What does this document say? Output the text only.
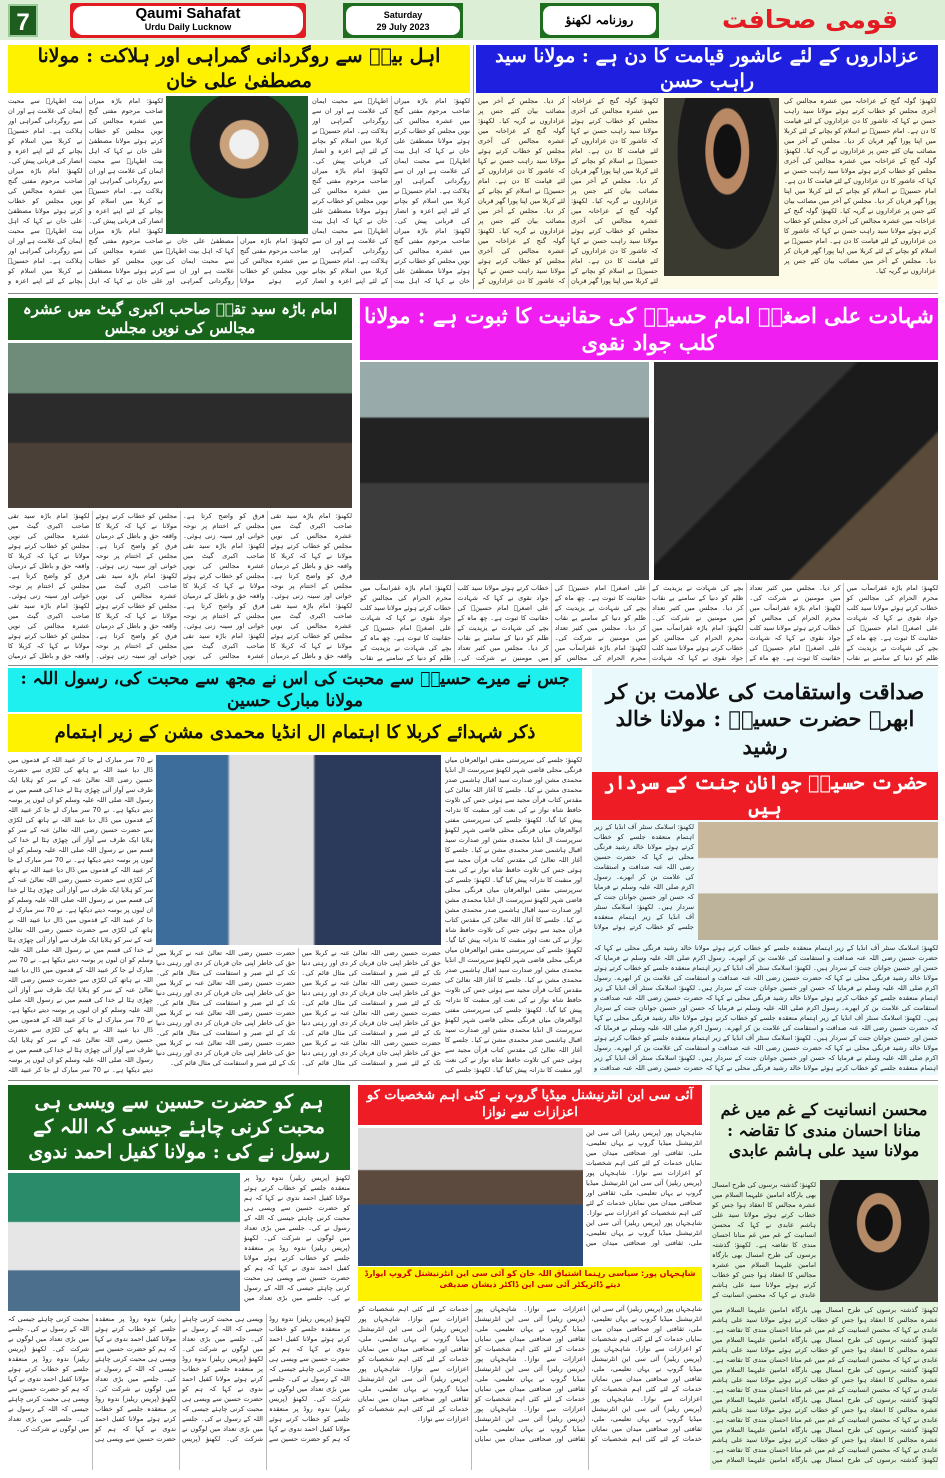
7	Qaumi Sahafat
Urdu Daily Lucknow
Saturday
29 July 2023	روزنامہ لکھنؤ	قومی صحافت
اہل بیتؑ سے روگردانی گمراہی اور ہلاکت : مولانا مصطفیٰ علی خان
لکھنؤ: امام باڑہ میراں صاحب مرحوم مفتی گنج میں عشرہ مجالس کی نویں مجلس کو خطاب کرتے ہوئے مولانا مصطفیٰ علی خان نے کہا کہ اہل بیت اطہارؑ سے محبت ایمان کی علامت ہے اور ان سے روگردانی گمراہی اور ہلاکت ہے۔ امام حسینؑ نے کربلا میں اسلام کو بچانے کے لئے اپنے اعزہ و انصار کی قربانی پیش کی۔ لکھنؤ: امام باڑہ میراں صاحب مرحوم مفتی گنج میں عشرہ مجالس کی نویں مجلس کو خطاب کرتے ہوئے مولانا مصطفیٰ علی خان نے کہا کہ اہل بیت اطہارؑ سے محبت ایمان کی علامت ہے اور ان سے روگردانی گمراہی اور ہلاکت ہے۔ امام حسینؑ نے کربلا میں اسلام کو بچانے کے لئے اپنے اعزہ و انصار کی قربانی پیش کی۔ لکھنؤ: امام باڑہ میراں صاحب مرحوم مفتی گنج میں عشرہ مجالس کی نویں مجلس کو خطاب کرتے ہوئے مولانا مصطفیٰ علی خان نے کہا کہ اہل بیت اطہارؑ سے محبت ایمان کی علامت ہے اور ان سے روگردانی گمراہی اور ہلاکت ہے۔ امام حسینؑ نے کربلا میں اسلام کو بچانے کے لئے اپنے اعزہ و
لکھنؤ: امام باڑہ میراں صاحب مرحوم مفتی گنج میں عشرہ مجالس کی نویں مجلس کو خطاب کرتے ہوئے مولانا مصطفیٰ علی خان نے کہا کہ اہل بیت اطہارؑ سے محبت ایمان کی علامت ہے اور ان سے روگردانی گمراہی اور
لکھنؤ: امام باڑہ میراں صاحب مرحوم مفتی گنج میں عشرہ مجالس کی نویں مجلس کو خطاب کرتے ہوئے مولانا مصطفیٰ علی خان نے کہا کہ اہل بیت اطہارؑ سے محبت ایمان کی علامت ہے اور ان سے روگردانی گمراہی اور ہلاکت ہے۔ امام حسینؑ نے کربلا میں اسلام کو بچانے کے لئے اپنے اعزہ و انصار کی قربانی پیش کی۔ لکھنؤ: امام باڑہ میراں صاحب مرحوم مفتی گنج میں عشرہ مجالس کی نویں مجلس کو خطاب کرتے ہوئے مولانا مصطفیٰ علی خان نے کہا کہ اہل بیت اطہارؑ سے محبت ایمان کی علامت ہے اور ان سے روگردانی گمراہی اور ہلاکت ہے۔ امام حسینؑ نے کربلا میں اسلام کو بچانے کے لئے اپنے اعزہ و انصار کی قربانی پیش کی۔ لکھنؤ: امام باڑہ میراں صاحب مرحوم مفتی گنج میں عشرہ مجالس کی نویں مجلس کو خطاب کرتے ہوئے مولانا مصطفیٰ علی خان نے کہا کہ اہل بیت اطہارؑ سے محبت ایمان کی علامت ہے اور ان سے روگردانی گمراہی اور ہلاکت ہے۔ امام حسینؑ نے کربلا میں اسلام کو بچانے کے لئے اپنے اعزہ و انصار
عزاداروں کے لئے عاشور قیامت کا دن ہے : مولانا سید راہب حسن
لکھنؤ: گولہ گنج کے عزاخانہ میں عشرہ مجالس کی آخری مجلس کو خطاب کرتے ہوئے مولانا سید راہب حسن نے کہا کہ عاشور کا دن عزاداروں کے لئے قیامت کا دن ہے۔ امام حسینؑ نے اسلام کو بچانے کے لئے کربلا میں اپنا پورا گھر قربان کر دیا۔ مجلس کے آخر میں مصائب بیان کئے جس پر عزاداروں نے گریہ کیا۔ لکھنؤ: گولہ گنج کے عزاخانہ میں عشرہ مجالس کی آخری مجلس کو خطاب کرتے ہوئے مولانا سید راہب حسن نے کہا کہ عاشور کا دن عزاداروں کے لئے قیامت کا دن ہے۔ امام حسینؑ نے اسلام کو بچانے کے لئے کربلا میں اپنا پورا گھر قربان کر دیا۔ مجلس کے آخر میں مصائب بیان کئے جس پر عزاداروں نے گریہ کیا۔ لکھنؤ: گولہ گنج کے عزاخانہ میں عشرہ مجالس کی آخری مجلس کو خطاب کرتے ہوئے مولانا سید راہب حسن نے کہا کہ عاشور کا دن عزاداروں کے لئے قیامت کا دن ہے۔ امام حسینؑ نے اسلام کو بچانے کے لئے کربلا میں اپنا پورا گھر قربان کر دیا۔ مجلس کے آخر میں مصائب بیان کئے جس پر عزاداروں نے گریہ کیا۔ لکھنؤ: گولہ گنج کے عزاخانہ میں عشرہ مجالس کی آخری مجلس کو خطاب کرتے ہوئے مولانا سید راہب حسن نے کہا کہ عاشور کا دن عزاداروں کے
لکھنؤ: گولہ گنج کے عزاخانہ میں عشرہ مجالس کی آخری مجلس کو خطاب کرتے ہوئے مولانا سید راہب حسن نے کہا کہ عاشور کا دن عزاداروں کے لئے قیامت کا دن ہے۔ امام حسینؑ نے اسلام کو بچانے کے لئے کربلا میں اپنا پورا گھر قربان کر دیا۔ مجلس کے آخر میں مصائب بیان کئے جس پر عزاداروں نے گریہ کیا۔ لکھنؤ: گولہ گنج کے عزاخانہ میں عشرہ مجالس کی آخری مجلس کو خطاب کرتے ہوئے مولانا سید راہب حسن نے کہا کہ عاشور کا دن عزاداروں کے لئے قیامت کا دن ہے۔ امام حسینؑ نے اسلام کو بچانے کے لئے کربلا میں اپنا پورا گھر قربان کر دیا۔ مجلس کے آخر میں مصائب بیان کئے جس پر عزاداروں نے گریہ کیا۔ لکھنؤ: گولہ گنج کے عزاخانہ میں عشرہ مجالس کی آخری مجلس کو خطاب کرتے ہوئے مولانا سید راہب حسن نے کہا کہ عاشور کا دن عزاداروں کے لئے قیامت کا دن ہے۔ امام حسینؑ نے اسلام کو بچانے کے لئے کربلا میں اپنا پورا گھر قربان کر دیا۔ مجلس کے آخر میں مصائب بیان کئے جس پر عزاداروں نے گریہ کیا۔
امام باڑہ سید تقیؒ صاحب اکبری گیٹ میں عشرہ مجالس کی نویں مجلس
لکھنؤ: امام باڑہ سید تقی صاحب اکبری گیٹ میں عشرہ مجالس کی نویں مجلس کو خطاب کرتے ہوئے مولانا نے کہا کہ کربلا کا واقعہ حق و باطل کے درمیان فرق کو واضح کرتا ہے۔ مجلس کے اختتام پر نوحہ خوانی اور سینہ زنی ہوئی۔ لکھنؤ: امام باڑہ سید تقی صاحب اکبری گیٹ میں عشرہ مجالس کی نویں مجلس کو خطاب کرتے ہوئے مولانا نے کہا کہ کربلا کا واقعہ حق و باطل کے درمیان فرق کو واضح کرتا ہے۔ مجلس کے اختتام پر نوحہ خوانی اور سینہ زنی ہوئی۔ لکھنؤ: امام باڑہ سید تقی صاحب اکبری گیٹ میں عشرہ مجالس کی نویں مجلس کو خطاب کرتے ہوئے مولانا نے کہا کہ کربلا کا واقعہ حق و باطل کے درمیان فرق کو واضح کرتا ہے۔ مجلس کے اختتام پر نوحہ خوانی اور سینہ زنی ہوئی۔ لکھنؤ: امام باڑہ سید تقی صاحب اکبری گیٹ میں عشرہ مجالس کی نویں مجلس کو خطاب کرتے ہوئے مولانا نے کہا کہ کربلا کا واقعہ حق و باطل کے درمیان فرق کو واضح کرتا ہے۔ مجلس کے اختتام پر نوحہ خوانی اور سینہ زنی ہوئی۔ لکھنؤ: امام باڑہ سید تقی صاحب اکبری گیٹ میں عشرہ مجالس کی نویں مجلس کو خطاب کرتے ہوئے مولانا نے کہا کہ کربلا کا واقعہ حق و باطل کے درمیان فرق کو واضح کرتا ہے۔ مجلس کے اختتام پر نوحہ خوانی اور سینہ زنی ہوئی۔ لکھنؤ: امام باڑہ سید تقی صاحب اکبری گیٹ میں عشرہ مجالس کی نویں مجلس کو خطاب کرتے ہوئے مولانا نے کہا کہ کربلا کا واقعہ حق و باطل کے درمیان فرق کو واضح کرتا ہے۔ مجلس کے اختتام پر نوحہ خوانی اور سینہ زنی ہوئی۔ لکھنؤ: امام باڑہ سید تقی صاحب اکبری گیٹ میں عشرہ مجالس کی نویں مجلس کو خطاب کرتے ہوئے مولانا نے کہا کہ کربلا کا واقعہ حق و باطل کے درمیان
شہادت علی اصغرؑ امام حسینؑ کی حقانیت کا ثبوت ہے : مولانا کلب جواد نقوی
لکھنؤ: امام باڑہ غفرانمآب میں محرم الحرام کی مجالس کو خطاب کرتے ہوئے مولانا سید کلب جواد نقوی نے کہا کہ شہادت علی اصغرؑ امام حسینؑ کی حقانیت کا ثبوت ہے۔ چھ ماہ کے بچے کی شہادت نے یزیدیت کے ظلم کو دنیا کے سامنے بے نقاب کر دیا۔ مجلس میں کثیر تعداد میں مومنین نے شرکت کی۔ لکھنؤ: امام باڑہ غفرانمآب میں محرم الحرام کی مجالس کو خطاب کرتے ہوئے مولانا سید کلب جواد نقوی نے کہا کہ شہادت علی اصغرؑ امام حسینؑ کی حقانیت کا ثبوت ہے۔ چھ ماہ کے بچے کی شہادت نے یزیدیت کے ظلم کو دنیا کے سامنے بے نقاب کر دیا۔ مجلس میں کثیر تعداد میں مومنین نے شرکت کی۔ لکھنؤ: امام باڑہ غفرانمآب میں محرم الحرام کی مجالس کو خطاب کرتے ہوئے مولانا سید کلب جواد نقوی نے کہا کہ شہادت علی اصغرؑ امام حسینؑ کی حقانیت کا ثبوت ہے۔ چھ ماہ کے بچے کی شہادت نے یزیدیت کے ظلم کو دنیا کے سامنے بے نقاب کر دیا۔ مجلس میں کثیر تعداد میں مومنین نے شرکت کی۔ لکھنؤ: امام باڑہ غفرانمآب میں محرم الحرام کی مجالس کو خطاب کرتے ہوئے مولانا سید کلب جواد نقوی نے کہا کہ شہادت علی اصغرؑ امام حسینؑ کی حقانیت کا ثبوت ہے۔ چھ ماہ کے بچے کی شہادت نے یزیدیت کے ظلم کو دنیا کے سامنے بے نقاب کر دیا۔ مجلس میں کثیر تعداد میں مومنین نے شرکت کی۔ لکھنؤ: امام باڑہ غفرانمآب میں محرم الحرام کی مجالس کو خطاب کرتے ہوئے مولانا سید کلب جواد نقوی نے کہا کہ شہادت علی اصغرؑ امام حسینؑ کی حقانیت کا ثبوت ہے۔ چھ ماہ کے بچے کی شہادت نے یزیدیت کے ظلم کو دنیا کے سامنے بے نقاب
جس نے میرے حسینؓ سے محبت کی اس نے مجھ سے محبت کی، رسول اللہ : مولانا مبارک حسین
ذکر شہدائے کربلا کا اہتمام ال انڈیا محمدی مشن کے زیر اہتمام
نے 70 سر مبارک لے جا کر عبید اللہ کے قدموں میں ڈال دیا عبید اللہ نے ہاتھ کی لکڑی سے حضرت حسین رضی اللہ تعالیٰ عنہ کے سر کو ہلایا ایک طرف سے آواز آئی چھڑی ہٹا لے خدا کی قسم میں نے رسول اللہ صلی اللہ علیہ وسلم کو ان لبوں پر بوسہ دیتے دیکھا ہے۔ نے 70 سر مبارک لے جا کر عبید اللہ کے قدموں میں ڈال دیا عبید اللہ نے ہاتھ کی لکڑی سے حضرت حسین رضی اللہ تعالیٰ عنہ کے سر کو ہلایا ایک طرف سے آواز آئی چھڑی ہٹا لے خدا کی قسم میں نے رسول اللہ صلی اللہ علیہ وسلم کو ان لبوں پر بوسہ دیتے دیکھا ہے۔ نے 70 سر مبارک لے جا کر عبید اللہ کے قدموں میں ڈال دیا عبید اللہ نے ہاتھ کی لکڑی سے حضرت حسین رضی اللہ تعالیٰ عنہ کے سر کو ہلایا ایک طرف سے آواز آئی چھڑی ہٹا لے خدا کی قسم میں نے رسول اللہ صلی اللہ علیہ وسلم کو ان لبوں پر بوسہ دیتے دیکھا ہے۔ نے 70 سر مبارک لے جا کر عبید اللہ کے قدموں میں ڈال دیا عبید اللہ نے ہاتھ کی لکڑی سے حضرت حسین رضی اللہ تعالیٰ عنہ کے سر کو ہلایا ایک طرف سے آواز آئی چھڑی ہٹا لے خدا کی قسم میں نے رسول اللہ صلی اللہ علیہ وسلم کو ان لبوں پر بوسہ دیتے دیکھا ہے۔ نے 70 سر مبارک لے جا کر عبید اللہ کے قدموں میں ڈال دیا عبید اللہ نے ہاتھ کی لکڑی سے حضرت حسین رضی اللہ تعالیٰ عنہ کے سر کو ہلایا ایک طرف سے آواز آئی چھڑی ہٹا لے خدا کی قسم میں نے رسول اللہ صلی اللہ علیہ وسلم کو ان لبوں پر بوسہ دیتے دیکھا ہے۔ نے 70 سر مبارک لے جا کر عبید اللہ کے قدموں میں ڈال دیا عبید اللہ نے ہاتھ کی لکڑی سے حضرت حسین رضی اللہ تعالیٰ عنہ کے سر کو ہلایا ایک طرف سے آواز آئی چھڑی ہٹا لے خدا کی قسم میں نے رسول اللہ صلی اللہ علیہ وسلم کو ان لبوں پر بوسہ دیتے دیکھا ہے۔ نے 70 سر مبارک لے جا کر عبید اللہ
لکھنؤ: جلسے کی سرپرستی مفتی ابوالعرفان میاں فرنگی محلی قاضی شہر لکھنؤ سرپرست ال انڈیا محمدی مشن اور صدارت سید اقبال ہاشمی صدر محمدی مشن نے کیا۔ جلسے کا آغاز اللہ تعالیٰ کی مقدس کتاب قرآن مجید سے ہوئی جس کی تلاوت حافظ شاہ نواز نے کی نعت اور منقبت کا نذرانہ پیش کیا گیا۔ لکھنؤ: جلسے کی سرپرستی مفتی ابوالعرفان میاں فرنگی محلی قاضی شہر لکھنؤ سرپرست ال انڈیا محمدی مشن اور صدارت سید اقبال ہاشمی صدر محمدی مشن نے کیا۔ جلسے کا آغاز اللہ تعالیٰ کی مقدس کتاب قرآن مجید سے ہوئی جس کی تلاوت حافظ شاہ نواز نے کی نعت اور منقبت کا نذرانہ پیش کیا گیا۔ لکھنؤ: جلسے کی سرپرستی مفتی ابوالعرفان میاں فرنگی محلی قاضی شہر لکھنؤ سرپرست ال انڈیا محمدی مشن اور صدارت سید اقبال ہاشمی صدر محمدی مشن نے کیا۔ جلسے کا آغاز اللہ تعالیٰ کی مقدس کتاب قرآن مجید سے ہوئی جس کی تلاوت حافظ شاہ نواز نے کی نعت اور منقبت کا نذرانہ پیش کیا گیا۔ لکھنؤ: جلسے کی سرپرستی مفتی ابوالعرفان میاں فرنگی محلی قاضی شہر لکھنؤ سرپرست ال انڈیا محمدی مشن اور صدارت سید اقبال ہاشمی صدر محمدی مشن نے کیا۔ جلسے کا آغاز اللہ تعالیٰ کی مقدس کتاب قرآن مجید سے ہوئی جس کی تلاوت حافظ شاہ نواز نے کی نعت اور منقبت کا نذرانہ پیش کیا گیا۔ لکھنؤ: جلسے کی سرپرستی مفتی ابوالعرفان میاں فرنگی محلی قاضی شہر لکھنؤ سرپرست ال انڈیا محمدی مشن اور صدارت سید اقبال ہاشمی صدر محمدی مشن نے کیا۔ جلسے کا آغاز اللہ تعالیٰ کی مقدس کتاب قرآن مجید سے ہوئی جس کی تلاوت حافظ شاہ نواز نے کی نعت اور منقبت کا نذرانہ پیش کیا گیا۔ لکھنؤ: جلسے کی
حضرت حسین رضی اللہ تعالیٰ عنہ نے کربلا میں حق کی خاطر اپنی جان قربان کر دی اور رہتی دنیا تک کے لئے صبر و استقامت کی مثال قائم کی۔ حضرت حسین رضی اللہ تعالیٰ عنہ نے کربلا میں حق کی خاطر اپنی جان قربان کر دی اور رہتی دنیا تک کے لئے صبر و استقامت کی مثال قائم کی۔ حضرت حسین رضی اللہ تعالیٰ عنہ نے کربلا میں حق کی خاطر اپنی جان قربان کر دی اور رہتی دنیا تک کے لئے صبر و استقامت کی مثال قائم کی۔ حضرت حسین رضی اللہ تعالیٰ عنہ نے کربلا میں حق کی خاطر اپنی جان قربان کر دی اور رہتی دنیا تک کے لئے صبر و استقامت کی مثال قائم کی۔ حضرت حسین رضی اللہ تعالیٰ عنہ نے کربلا میں حق کی خاطر اپنی جان قربان کر دی اور رہتی دنیا تک کے لئے صبر و استقامت کی مثال قائم کی۔ حضرت حسین رضی اللہ تعالیٰ عنہ نے کربلا میں حق کی خاطر اپنی جان قربان کر دی اور رہتی دنیا تک کے لئے صبر و استقامت کی مثال قائم کی۔ حضرت حسین رضی اللہ تعالیٰ عنہ نے کربلا میں حق کی خاطر اپنی جان قربان کر دی اور رہتی دنیا تک کے لئے صبر و استقامت کی مثال قائم کی۔ حضرت حسین رضی اللہ تعالیٰ عنہ نے کربلا میں حق کی خاطر اپنی جان قربان کر دی اور رہتی دنیا تک کے لئے صبر و استقامت کی مثال قائم کی۔
صداقت واستقامت کی علامت بن کر ابھرے حضرت حسینؓ : مولانا خالد رشید
حضرت حسینؓ جوانان جنت کے سردار ہیں
لکھنؤ: اسلامک سنٹر آف انڈیا کے زیر اہتمام منعقدہ جلسے کو خطاب کرتے ہوئے مولانا خالد رشید فرنگی محلی نے کہا کہ حضرت حسین رضی اللہ عنہ صداقت و استقامت کی علامت بن کر ابھرے۔ رسول اکرم صلی اللہ علیہ وسلم نے فرمایا کہ حسن اور حسین جوانان جنت کے سردار ہیں۔ لکھنؤ: اسلامک سنٹر آف انڈیا کے زیر اہتمام منعقدہ جلسے کو خطاب کرتے ہوئے مولانا
لکھنؤ: اسلامک سنٹر آف انڈیا کے زیر اہتمام منعقدہ جلسے کو خطاب کرتے ہوئے مولانا خالد رشید فرنگی محلی نے کہا کہ حضرت حسین رضی اللہ عنہ صداقت و استقامت کی علامت بن کر ابھرے۔ رسول اکرم صلی اللہ علیہ وسلم نے فرمایا کہ حسن اور حسین جوانان جنت کے سردار ہیں۔ لکھنؤ: اسلامک سنٹر آف انڈیا کے زیر اہتمام منعقدہ جلسے کو خطاب کرتے ہوئے مولانا خالد رشید فرنگی محلی نے کہا کہ حضرت حسین رضی اللہ عنہ صداقت و استقامت کی علامت بن کر ابھرے۔ رسول اکرم صلی اللہ علیہ وسلم نے فرمایا کہ حسن اور حسین جوانان جنت کے سردار ہیں۔ لکھنؤ: اسلامک سنٹر آف انڈیا کے زیر اہتمام منعقدہ جلسے کو خطاب کرتے ہوئے مولانا خالد رشید فرنگی محلی نے کہا کہ حضرت حسین رضی اللہ عنہ صداقت و استقامت کی علامت بن کر ابھرے۔ رسول اکرم صلی اللہ علیہ وسلم نے فرمایا کہ حسن اور حسین جوانان جنت کے سردار ہیں۔ لکھنؤ: اسلامک سنٹر آف انڈیا کے زیر اہتمام منعقدہ جلسے کو خطاب کرتے ہوئے مولانا خالد رشید فرنگی محلی نے کہا کہ حضرت حسین رضی اللہ عنہ صداقت و استقامت کی علامت بن کر ابھرے۔ رسول اکرم صلی اللہ علیہ وسلم نے فرمایا کہ حسن اور حسین جوانان جنت کے سردار ہیں۔ لکھنؤ: اسلامک سنٹر آف انڈیا کے زیر اہتمام منعقدہ جلسے کو خطاب کرتے ہوئے مولانا خالد رشید فرنگی محلی نے کہا کہ حضرت حسین رضی اللہ عنہ صداقت و استقامت کی علامت بن کر ابھرے۔ رسول اکرم صلی اللہ علیہ وسلم نے فرمایا کہ حسن اور حسین جوانان جنت کے سردار ہیں۔ لکھنؤ: اسلامک سنٹر آف انڈیا کے زیر اہتمام منعقدہ جلسے کو خطاب کرتے ہوئے مولانا خالد رشید فرنگی محلی نے کہا کہ حضرت حسین رضی اللہ عنہ صداقت و
ہم کو حضرت حسین سے ویسی ہی محبت کرنی چاہئے جیسی کہ اللہ کے رسول نے کی : مولانا کفیل احمد ندوی
لکھنؤ (پریس ریلیز) ندوہ روڈ پر منعقدہ جلسے کو خطاب کرتے ہوئے مولانا کفیل احمد ندوی نے کہا کہ ہم کو حضرت حسین سے ویسی ہی محبت کرنی چاہئے جیسی کہ اللہ کے رسول نے کی۔ جلسے میں بڑی تعداد میں لوگوں نے شرکت کی۔ لکھنؤ (پریس ریلیز) ندوہ روڈ پر منعقدہ جلسے کو خطاب کرتے ہوئے مولانا کفیل احمد ندوی نے کہا کہ ہم کو حضرت حسین سے ویسی ہی محبت کرنی چاہئے جیسی کہ اللہ کے رسول نے کی۔ جلسے میں بڑی تعداد میں
لکھنؤ (پریس ریلیز) ندوہ روڈ پر منعقدہ جلسے کو خطاب کرتے ہوئے مولانا کفیل احمد ندوی نے کہا کہ ہم کو حضرت حسین سے ویسی ہی محبت کرنی چاہئے جیسی کہ اللہ کے رسول نے کی۔ جلسے میں بڑی تعداد میں لوگوں نے شرکت کی۔ لکھنؤ (پریس ریلیز) ندوہ روڈ پر منعقدہ جلسے کو خطاب کرتے ہوئے مولانا کفیل احمد ندوی نے کہا کہ ہم کو حضرت حسین سے ویسی ہی محبت کرنی چاہئے جیسی کہ اللہ کے رسول نے کی۔ جلسے میں بڑی تعداد میں لوگوں نے شرکت کی۔ لکھنؤ (پریس ریلیز) ندوہ روڈ پر منعقدہ جلسے کو خطاب کرتے ہوئے مولانا کفیل احمد ندوی نے کہا کہ ہم کو حضرت حسین سے ویسی ہی محبت کرنی چاہئے جیسی کہ اللہ کے رسول نے کی۔ جلسے میں بڑی تعداد میں لوگوں نے شرکت کی۔ لکھنؤ (پریس ریلیز) ندوہ روڈ پر منعقدہ جلسے کو خطاب کرتے ہوئے مولانا کفیل احمد ندوی نے کہا کہ ہم کو حضرت حسین سے ویسی ہی محبت کرنی چاہئے جیسی کہ اللہ کے رسول نے کی۔ جلسے میں بڑی تعداد میں لوگوں نے شرکت کی۔ لکھنؤ (پریس ریلیز) ندوہ روڈ پر منعقدہ جلسے کو خطاب کرتے ہوئے مولانا کفیل احمد ندوی نے کہا کہ ہم کو حضرت حسین سے ویسی ہی محبت کرنی چاہئے جیسی کہ اللہ کے رسول نے کی۔ جلسے میں بڑی تعداد میں لوگوں نے شرکت کی۔ لکھنؤ (پریس ریلیز) ندوہ روڈ پر منعقدہ جلسے کو خطاب کرتے ہوئے مولانا کفیل احمد ندوی نے کہا کہ ہم کو حضرت حسین سے ویسی ہی محبت کرنی چاہئے جیسی کہ اللہ کے رسول نے کی۔ جلسے میں بڑی تعداد میں لوگوں نے شرکت کی۔
آئی سی این انٹرنیشنل میڈیا گروپ نے کئی اہم شخصیات کو اعزازات سے نوازا
شاہجہاں پور (پریس ریلیز) آئی سی این انٹرنیشنل میڈیا گروپ نے یہاں تعلیمی، ملی، ثقافتی اور صحافتی میدان میں نمایاں خدمات کے لئے کئی اہم شخصیات کو اعزازات سے نوازا۔ شاہجہاں پور (پریس ریلیز) آئی سی این انٹرنیشنل میڈیا گروپ نے یہاں تعلیمی، ملی، ثقافتی اور صحافتی میدان میں نمایاں خدمات کے لئے کئی اہم شخصیات کو اعزازات سے نوازا۔ شاہجہاں پور (پریس ریلیز) آئی سی این انٹرنیشنل میڈیا گروپ نے یہاں تعلیمی، ملی، ثقافتی اور صحافتی میدان میں
شاہجہاں پور: سیاسی رہنما اشتیاق اللہ خان کو آئی سی این انٹرنیشنل گروپ ایوارڈ دیتے ڈائریکٹر آئی سی این ڈاکٹر ذیشان صدیقی
شاہجہاں پور (پریس ریلیز) آئی سی این انٹرنیشنل میڈیا گروپ نے یہاں تعلیمی، ملی، ثقافتی اور صحافتی میدان میں نمایاں خدمات کے لئے کئی اہم شخصیات کو اعزازات سے نوازا۔ شاہجہاں پور (پریس ریلیز) آئی سی این انٹرنیشنل میڈیا گروپ نے یہاں تعلیمی، ملی، ثقافتی اور صحافتی میدان میں نمایاں خدمات کے لئے کئی اہم شخصیات کو اعزازات سے نوازا۔ شاہجہاں پور (پریس ریلیز) آئی سی این انٹرنیشنل میڈیا گروپ نے یہاں تعلیمی، ملی، ثقافتی اور صحافتی میدان میں نمایاں خدمات کے لئے کئی اہم شخصیات کو اعزازات سے نوازا۔ شاہجہاں پور (پریس ریلیز) آئی سی این انٹرنیشنل میڈیا گروپ نے یہاں تعلیمی، ملی، ثقافتی اور صحافتی میدان میں نمایاں خدمات کے لئے کئی اہم شخصیات کو اعزازات سے نوازا۔ شاہجہاں پور (پریس ریلیز) آئی سی این انٹرنیشنل میڈیا گروپ نے یہاں تعلیمی، ملی، ثقافتی اور صحافتی میدان میں نمایاں خدمات کے لئے کئی اہم شخصیات کو اعزازات سے نوازا۔ شاہجہاں پور (پریس ریلیز) آئی سی این انٹرنیشنل میڈیا گروپ نے یہاں تعلیمی، ملی، ثقافتی اور صحافتی میدان میں نمایاں خدمات کے لئے کئی اہم شخصیات کو اعزازات سے نوازا۔ شاہجہاں پور (پریس ریلیز) آئی سی این انٹرنیشنل میڈیا گروپ نے یہاں تعلیمی، ملی، ثقافتی اور صحافتی میدان میں نمایاں خدمات کے لئے کئی اہم شخصیات کو اعزازات سے نوازا۔ شاہجہاں پور (پریس ریلیز) آئی سی این انٹرنیشنل میڈیا گروپ نے یہاں تعلیمی، ملی، ثقافتی اور صحافتی میدان میں نمایاں خدمات کے لئے کئی اہم شخصیات کو اعزازات سے نوازا۔
محسن انسانیت کے غم میں غم منانا احسان مندی کا تقاضہ : مولانا سید علی ہاشم عابدی
لکھنؤ: گذشتہ برسوں کی طرح امسال بھی بارگاہ امامین علیہما السلام میں عشرہ مجالس کا انعقاد ہوا جس کو خطاب کرتے ہوئے مولانا سید علی ہاشم عابدی نے کہا کہ محسن انسانیت کے غم میں غم منانا احسان مندی کا تقاضہ ہے۔ لکھنؤ: گذشتہ برسوں کی طرح امسال بھی بارگاہ امامین علیہما السلام میں عشرہ مجالس کا انعقاد ہوا جس کو خطاب کرتے ہوئے مولانا سید علی ہاشم عابدی نے کہا کہ محسن انسانیت کے
لکھنؤ: گذشتہ برسوں کی طرح امسال بھی بارگاہ امامین علیہما السلام میں عشرہ مجالس کا انعقاد ہوا جس کو خطاب کرتے ہوئے مولانا سید علی ہاشم عابدی نے کہا کہ محسن انسانیت کے غم میں غم منانا احسان مندی کا تقاضہ ہے۔ لکھنؤ: گذشتہ برسوں کی طرح امسال بھی بارگاہ امامین علیہما السلام میں عشرہ مجالس کا انعقاد ہوا جس کو خطاب کرتے ہوئے مولانا سید علی ہاشم عابدی نے کہا کہ محسن انسانیت کے غم میں غم منانا احسان مندی کا تقاضہ ہے۔ لکھنؤ: گذشتہ برسوں کی طرح امسال بھی بارگاہ امامین علیہما السلام میں عشرہ مجالس کا انعقاد ہوا جس کو خطاب کرتے ہوئے مولانا سید علی ہاشم عابدی نے کہا کہ محسن انسانیت کے غم میں غم منانا احسان مندی کا تقاضہ ہے۔ لکھنؤ: گذشتہ برسوں کی طرح امسال بھی بارگاہ امامین علیہما السلام میں عشرہ مجالس کا انعقاد ہوا جس کو خطاب کرتے ہوئے مولانا سید علی ہاشم عابدی نے کہا کہ محسن انسانیت کے غم میں غم منانا احسان مندی کا تقاضہ ہے۔ لکھنؤ: گذشتہ برسوں کی طرح امسال بھی بارگاہ امامین علیہما السلام میں عشرہ مجالس کا انعقاد ہوا جس کو خطاب کرتے ہوئے مولانا سید علی ہاشم عابدی نے کہا کہ محسن انسانیت کے غم میں غم منانا احسان مندی کا تقاضہ ہے۔ لکھنؤ: گذشتہ برسوں کی طرح امسال بھی بارگاہ امامین علیہما السلام میں
